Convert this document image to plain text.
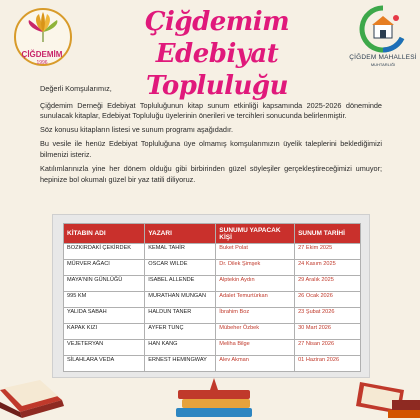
ÇİĞDEMİM
1996
Çiğdemim Edebiyat
Topluluğu
ÇİĞDEM MAHALLESİ
MUHTARLIĞI

Değerli Komşularımız,

Çiğdemim Derneği Edebiyat Topluluğunun kitap sunum etkinliği kapsamında 2025-2026 döneminde sunulacak kitaplar, Edebiyat Topluluğu üyelerinin önerileri ve tercihleri sonucunda belirlenmiştir.

Söz konusu kitapların listesi ve sunum programı aşağıdadır.

Bu vesile ile henüz Edebiyat Topluluğuna üye olmamış komşularımızın üyelik taleplerini beklediğimizi bilmenizi isteriz.

Katılımlarınızla yine her dönem olduğu gibi birbirinden güzel söyleşiler gerçekleştireceğimizi umuyor; hepinize bol okumalı güzel bir yaz tatili diliyoruz.

KİTABIN ADI	YAZARI	SUNUMU YAPACAK KİŞİ	SUNUM TARİHİ
BOZKIRDAKİ ÇEKİRDEK	KEMAL TAHİR	Buket Polat	27 Ekim 2025
MÜRVER AĞACI	OSCAR WILDE	Dr. Dilek Şimşek	24 Kasım 2025
MAYA'NIN GÜNLÜĞÜ	ISABEL ALLENDE	Alptekin Aydın	29 Aralık 2025
995 KM	MURATHAN MUNGAN	Adalet Temurtürkan	26 Ocak 2026
YALIDA SABAH	HALDUN TANER	İbrahim Boz	23 Şubat 2026
KAPAK KIZI	AYFER TUNÇ	Mübeher Özbek	30 Mart 2026
VEJETERYAN	HAN KANG	Meliha Bilge	27 Nisan 2026
SİLAHLARA VEDA	ERNEST HEMINGWAY	Alev Akman	01 Haziran 2026
